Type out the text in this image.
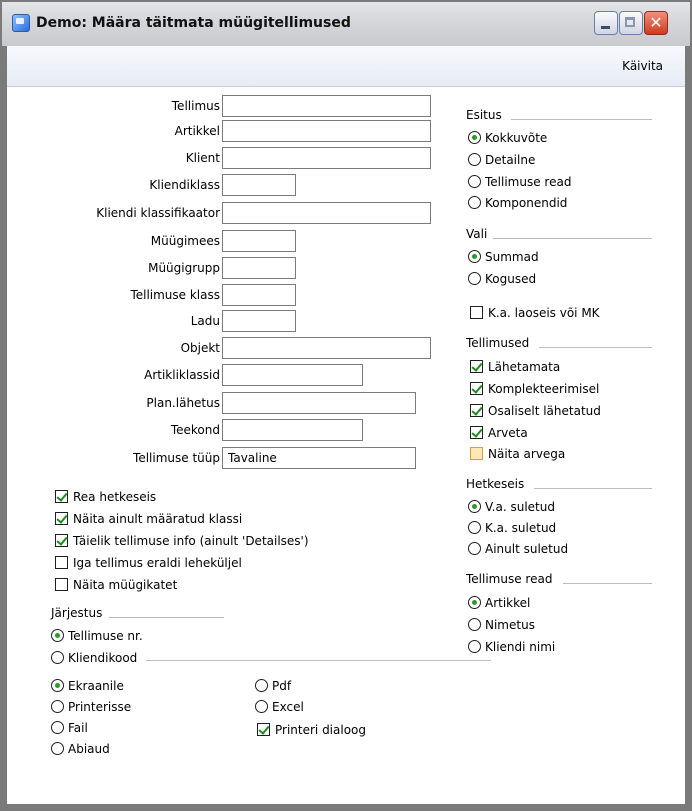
Demo: Määra täitmata müügitellimused	✕
Käivita
Tellimus
Artikkel
Klient
Kliendiklass
Kliendi klassifikaator
Müügimees
Müügigrupp
Tellimuse klass
Ladu
Objekt
Artikliklassid
Plan.lähetus
Teekond
Tellimuse tüüp Tavaline
Rea hetkeseis
Näita ainult määratud klassi
Täielik tellimuse info (ainult 'Detailses')
Iga tellimus eraldi leheküljel
Näita müügikatet
Järjestus
Tellimuse nr.
Kliendikood
Ekraanile
Printerisse
Fail
Abiaud
Pdf
Excel
Printeri dialoog
Esitus
Kokkuvõte
Detailne
Tellimuse read
Komponendid
Vali
Summad
Kogused
K.a. laoseis või MK
Tellimused
Lähetamata
Komplekteerimisel
Osaliselt lähetatud
Arveta
Näita arvega
Hetkeseis
V.a. suletud
K.a. suletud
Ainult suletud
Tellimuse read
Artikkel
Nimetus
Kliendi nimi
